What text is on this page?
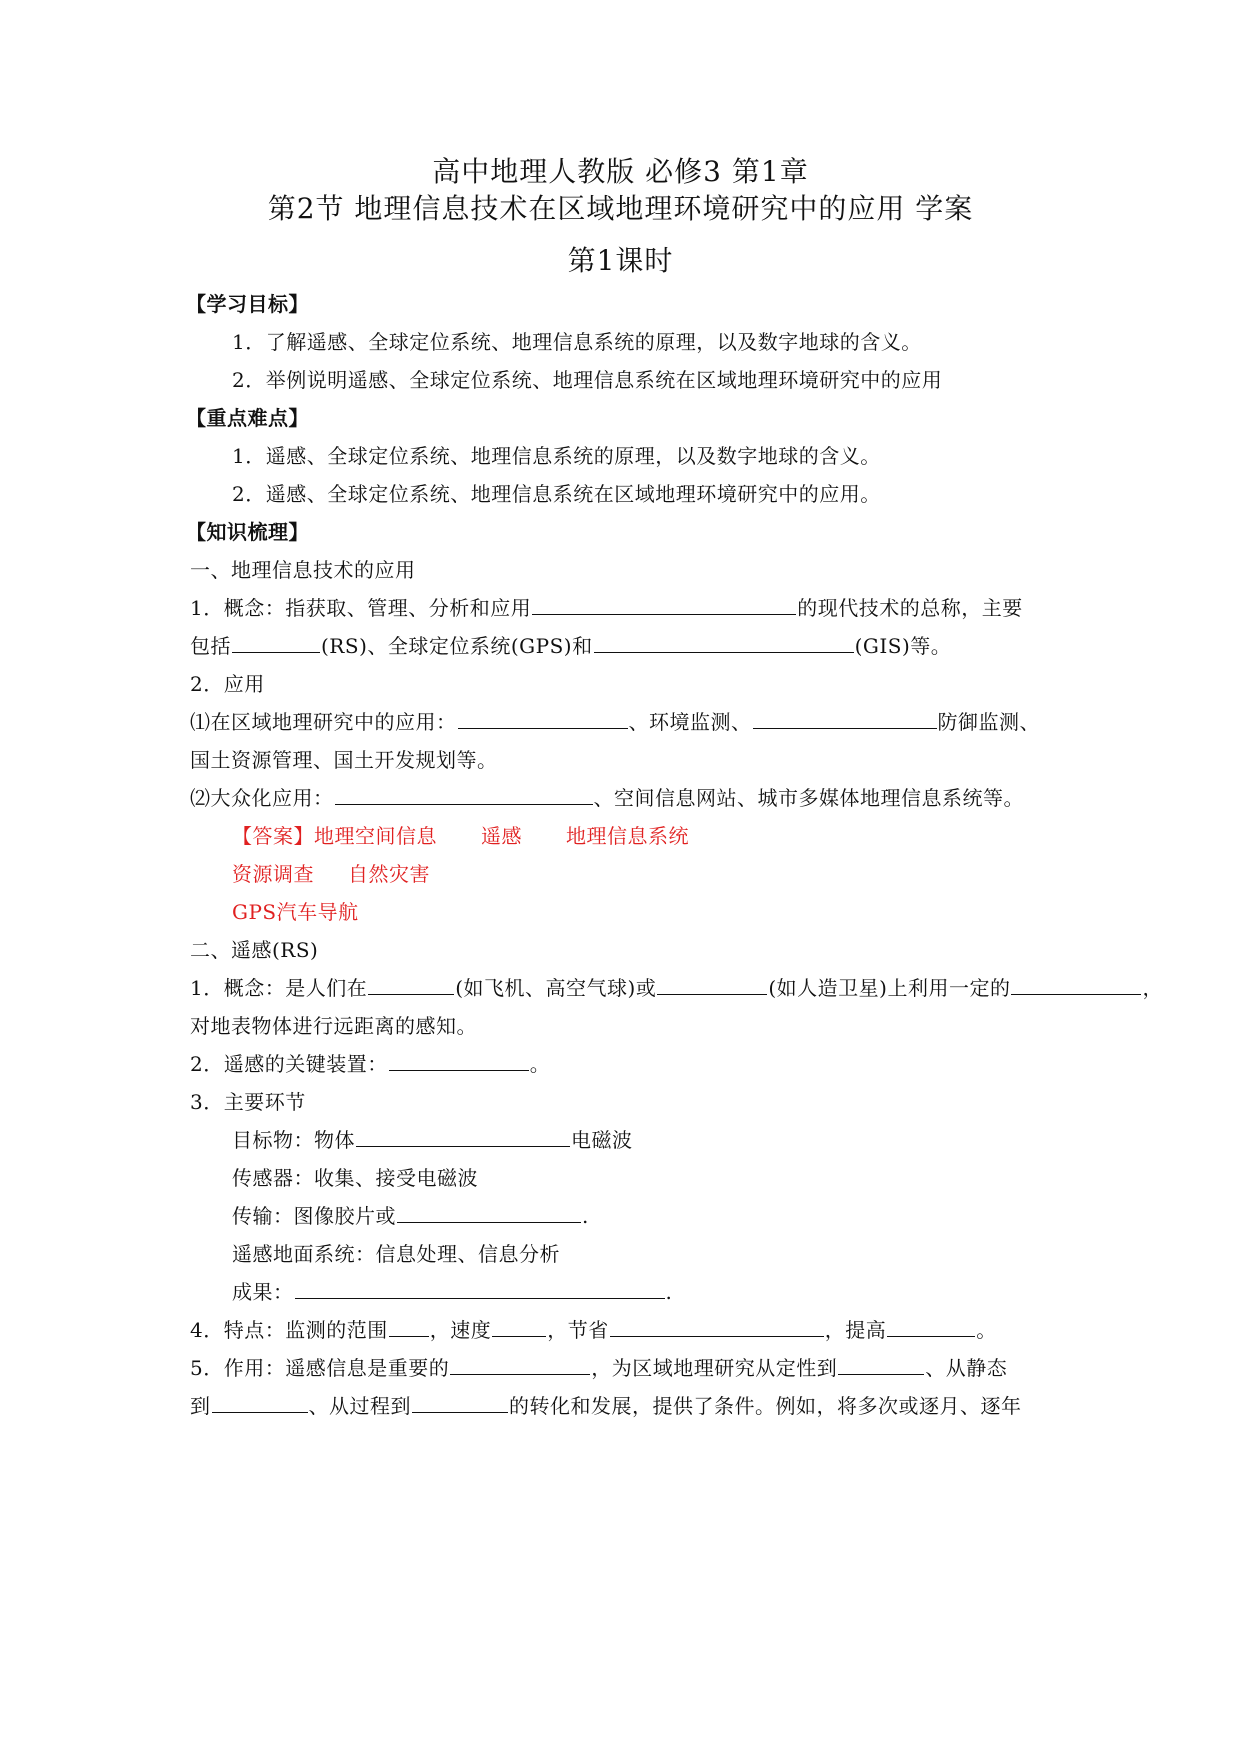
高中地理人教版 必修3 第1章
第2节 地理信息技术在区域地理环境研究中的应用 学案
第1课时
【学习目标】
1．了解遥感、全球定位系统、地理信息系统的原理，以及数字地球的含义。
2．举例说明遥感、全球定位系统、地理信息系统在区域地理环境研究中的应用
【重点难点】
1．遥感、全球定位系统、地理信息系统的原理，以及数字地球的含义。
2．遥感、全球定位系统、地理信息系统在区域地理环境研究中的应用。
【知识梳理】
一、地理信息技术的应用
1．概念：指获取、管理、分析和应用	的现代技术的总称，主要
包括	(RS)、全球定位系统(GPS)和	(GIS)等。
2．应用
⑴在区域地理研究中的应用：	、环境监测、	防御监测、
国土资源管理、国土开发规划等。
⑵大众化应用：	、空间信息网站、城市多媒体地理信息系统等。
【答案】地理空间信息 遥感 地理信息系统
资源调查 自然灾害
GPS汽车导航
二、遥感(RS)
1．概念：是人们在	(如飞机、高空气球)或	(如人造卫星)上利用一定的	，
对地表物体进行远距离的感知。
2．遥感的关键装置：	。
3．主要环节
目标物：物体	电磁波
传感器：收集、接受电磁波
传输：图像胶片或	.
遥感地面系统：信息处理、信息分析
成果：	.
4．特点：监测的范围 ，速度	，节省	，提高	。
5．作用：遥感信息是重要的	，为区域地理研究从定性到	、从静态
到	、从过程到	的转化和发展，提供了条件。例如，将多次或逐月、逐年
